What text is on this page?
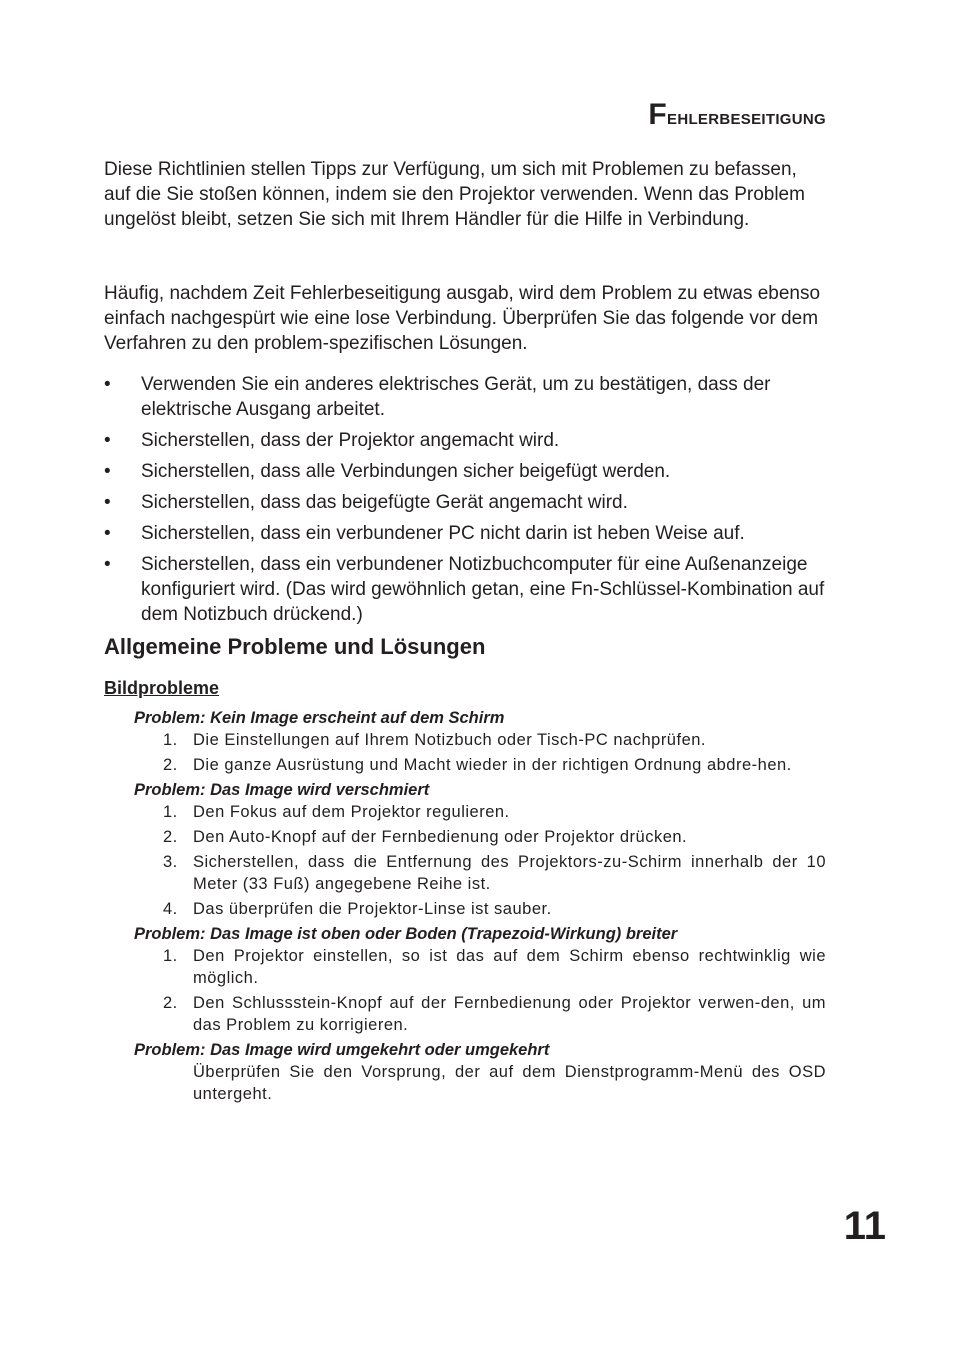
Fehlerbeseitigung

Diese Richtlinien stellen Tipps zur Verfügung, um sich mit Problemen zu befassen, auf die Sie stoßen können, indem sie den Projektor verwenden. Wenn das Problem ungelöst bleibt, setzen Sie sich mit Ihrem Händler für die Hilfe in Verbindung.

Häufig, nachdem Zeit Fehlerbeseitigung ausgab, wird dem Problem zu etwas ebenso einfach nachgespürt wie eine lose Verbindung. Überprüfen Sie das folgende vor dem Verfahren zu den problem-spezifischen Lösungen.

• Verwenden Sie ein anderes elektrisches Gerät, um zu bestätigen, dass der elektrische Ausgang arbeitet.
• Sicherstellen, dass der Projektor angemacht wird.
• Sicherstellen, dass alle Verbindungen sicher beigefügt werden.
• Sicherstellen, dass das beigefügte Gerät angemacht wird.
• Sicherstellen, dass ein verbundener PC nicht darin ist heben Weise auf.
• Sicherstellen, dass ein verbundener Notizbuchcomputer für eine Außenanzeige konfiguriert wird. (Das wird gewöhnlich getan, eine Fn-Schlüssel-Kombination auf dem Notizbuch drückend.)
Allgemeine Probleme und Lösungen
Bildprobleme

Problem: Kein Image erscheint auf dem Schirm

1. Die Einstellungen auf Ihrem Notizbuch oder Tisch-PC nachprüfen.
2. Die ganze Ausrüstung und Macht wieder in der richtigen Ordnung abdre-hen.

Problem: Das Image wird verschmiert

1. Den Fokus auf dem Projektor regulieren.
2. Den Auto-Knopf auf der Fernbedienung oder Projektor drücken.
3. Sicherstellen, dass die Entfernung des Projektors-zu-Schirm innerhalb der 10 Meter (33 Fuß) angegebene Reihe ist.
4. Das überprüfen die Projektor-Linse ist sauber.

Problem: Das Image ist oben oder Boden (Trapezoid-Wirkung) breiter

1. Den Projektor einstellen, so ist das auf dem Schirm ebenso rechtwinklig wie möglich.
2. Den Schlussstein-Knopf auf der Fernbedienung oder Projektor verwen-den, um das Problem zu korrigieren.

Problem: Das Image wird umgekehrt oder umgekehrt

Überprüfen Sie den Vorsprung, der auf dem Dienstprogramm-Menü des OSD untergeht.

11
